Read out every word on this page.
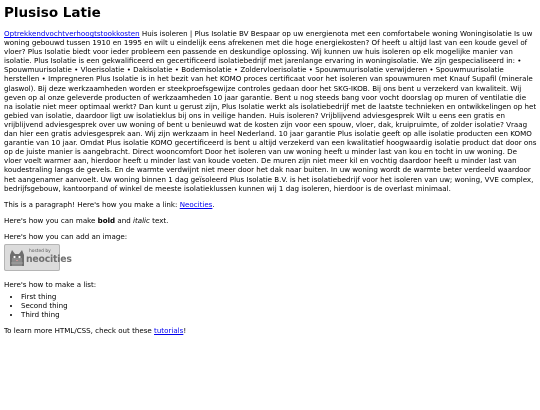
Plusiso Latie

Optrekkendvochtverhoogtstookkosten Huis isoleren | Plus Isolatie BV Bespaar op uw energienota met een comfortabele woning Woningisolatie Is uw woning gebouwd tussen 1910 en 1995 en wilt u eindelijk eens afrekenen met die hoge energiekosten? Of heeft u altijd last van een koude gevel of vloer? Plus Isolatie biedt voor ieder probleem een passende en deskundige oplossing. Wij kunnen uw huis isoleren op elk mogelijke manier van isolatie. Plus Isolatie is een gekwalificeerd en gecertificeerd isolatiebedrijf met jarenlange ervaring in woningisolatie. We zijn gespecialiseerd in: • Spouwmuurisolatie • Vloerisolatie • Dakisolatie • Bodemisolatie • Zoldervloerisolatie • Spouwmuurisolatie verwijderen • Spouwmuurisolatie herstellen • Impregneren Plus Isolatie is in het bezit van het KOMO proces certificaat voor het isoleren van spouwmuren met Knauf Supafil (minerale glaswol). Bij deze werkzaamheden worden er steekproefsgewijze controles gedaan door het SKG-IKOB. Bij ons bent u verzekerd van kwaliteit. Wij geven op al onze geleverde producten of werkzaamheden 10 jaar garantie. Bent u nog steeds bang voor vocht doorslag op muren of ventilatie die na isolatie niet meer optimaal werkt? Dan kunt u gerust zijn, Plus Isolatie werkt als isolatiebedrijf met de laatste technieken en ontwikkelingen op het gebied van isolatie, daardoor ligt uw isolatieklus bij ons in veilige handen. Huis isoleren? Vrijblijvend adviesgesprek Wilt u eens een gratis en vrijblijvend adviesgesprek over uw woning of bent u benieuwd wat de kosten zijn voor een spouw, vloer, dak, kruipruimte, of zolder isolatie? Vraag dan hier een gratis adviesgesprek aan. Wij zijn werkzaam in heel Nederland. 10 jaar garantie Plus isolatie geeft op alle isolatie producten een KOMO garantie van 10 jaar. Omdat Plus isolatie KOMO gecertificeerd is bent u altijd verzekerd van een kwalitatief hoogwaardig isolatie product dat door ons op de juiste manier is aangebracht. Direct wooncomfort Door het isoleren van uw woning heeft u minder last van kou en tocht in uw woning. De vloer voelt warmer aan, hierdoor heeft u minder last van koude voeten. De muren zijn niet meer kil en vochtig daardoor heeft u minder last van koudestraling langs de gevels. En de warmte verdwijnt niet meer door het dak naar buiten. In uw woning wordt de warmte beter verdeeld waardoor het aangenamer aanvoelt. Uw woning binnen 1 dag geïsoleerd Plus Isolatie B.V. is het isolatiebedrijf voor het isoleren van uw; woning, VVE complex, bedrijfsgebouw, kantoorpand of winkel de meeste isolatieklussen kunnen wij 1 dag isoleren, hierdoor is de overlast minimaal.

This is a paragraph! Here's how you make a link: Neocities.

Here's how you can make bold and italic text.

Here's how you can add an image:

hosted by
neocities

Here's how to make a list:

• First thing
• Second thing
• Third thing

To learn more HTML/CSS, check out these tutorials!
